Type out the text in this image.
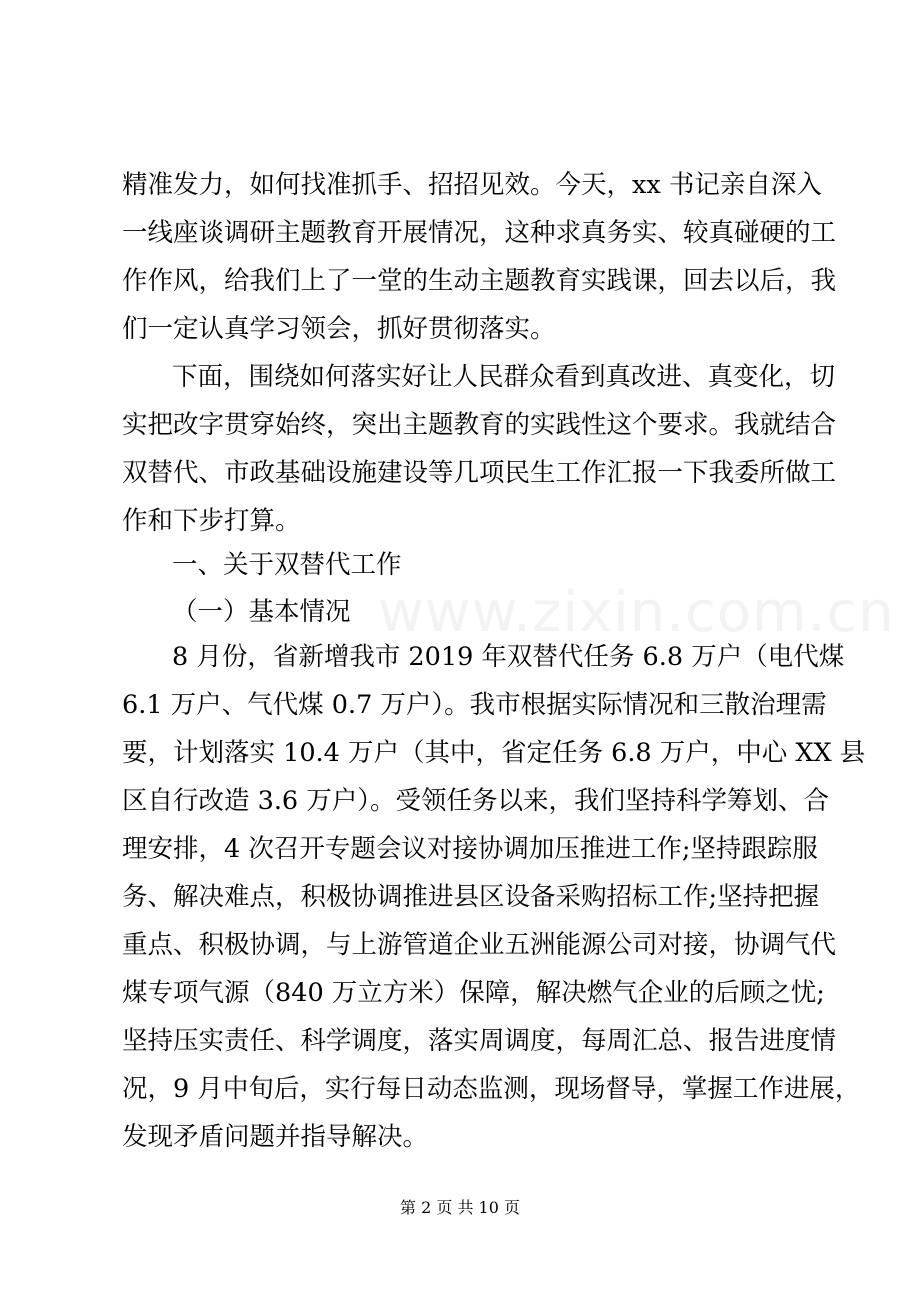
精准发力，如何找准抓手、招招见效。今天，xx 书记亲自深入
一线座谈调研主题教育开展情况，这种求真务实、较真碰硬的工
作作风，给我们上了一堂的生动主题教育实践课，回去以后，我
们一定认真学习领会，抓好贯彻落实。
下面，围绕如何落实好让人民群众看到真改进、真变化，切
实把改字贯穿始终，突出主题教育的实践性这个要求。我就结合
双替代、市政基础设施建设等几项民生工作汇报一下我委所做工
作和下步打算。
一、关于双替代工作
（一）基本情况
8 月份，省新增我市 2019 年双替代任务 6.8 万户（电代煤
6.1 万户、气代煤 0.7 万户）。我市根据实际情况和三散治理需
要，计划落实 10.4 万户（其中，省定任务 6.8 万户，中心 XX 县
区自行改造 3.6 万户）。受领任务以来，我们坚持科学筹划、合
理安排，4 次召开专题会议对接协调加压推进工作;坚持跟踪服
务、解决难点，积极协调推进县区设备采购招标工作;坚持把握
重点、积极协调，与上游管道企业五洲能源公司对接，协调气代
煤专项气源（840 万立方米）保障，解决燃气企业的后顾之忧;
坚持压实责任、科学调度，落实周调度，每周汇总、报告进度情
况，9 月中旬后，实行每日动态监测，现场督导，掌握工作进展，
发现矛盾问题并指导解决。
www.zixin.com.cn
第 2 页 共 10 页
